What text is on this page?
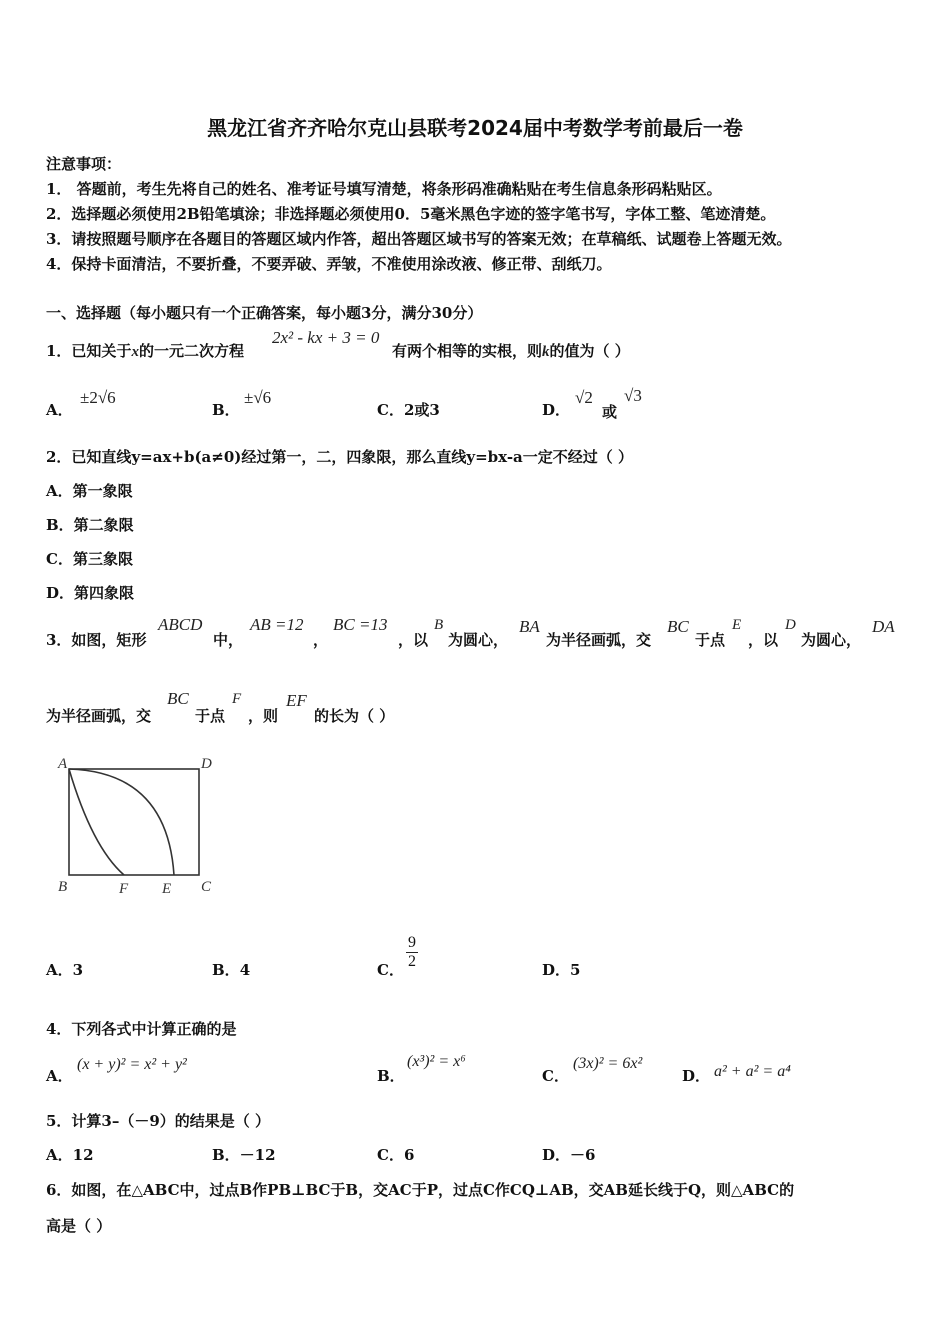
黑龙江省齐齐哈尔克山县联考2024届中考数学考前最后一卷
注意事项：
1． 答题前，考生先将自己的姓名、准考证号填写清楚，将条形码准确粘贴在考生信息条形码粘贴区。
2．选择题必须使用2B铅笔填涂；非选择题必须使用0．5毫米黑色字迹的签字笔书写，字体工整、笔迹清楚。
3．请按照题号顺序在各题目的答题区域内作答，超出答题区域书写的答案无效；在草稿纸、试题卷上答题无效。
4．保持卡面清洁，不要折叠，不要弄破、弄皱，不准使用涂改液、修正带、刮纸刀。
一、选择题（每小题只有一个正确答案，每小题3分，满分30分）
1．已知关于x的一元二次方程
2x² - kx + 3 = 0
有两个相等的实根，则k的值为（ ）
A．
±2√6
B．
±√6
C．2或3	D．
√2
或
√3
2．已知直线y=ax+b(a≠0)经过第一，二，四象限，那么直线y=bx-a一定不经过（ ）
A．第一象限
B．第二象限
C．第三象限
D．第四象限
3．如图，矩形
ABCD
中，
AB =12
，
BC =13
，以
B
为圆心，
BA
为半径画弧，交
BC
于点
E
，以
D
为圆心，
DA
为半径画弧，交
BC
于点
F
，则
EF
的长为（ ）
A	D
B	F E C
A．3	B．4	C． $\frac{9}{2}$	D．5
4．下列各式中计算正确的是
A．
(x + y)² = x² + y²
B．
(x³)² = x⁶
C．
(3x)² = 6x²
D． a² + a² = a⁴
5．计算3–（－9）的结果是（ ）
A．12	B．－12	C．6	D．－6
6．如图，在△ABC中，过点B作PB⊥BC于B，交AC于P，过点C作CQ⊥AB，交AB延长线于Q，则△ABC的
高是（ ）
